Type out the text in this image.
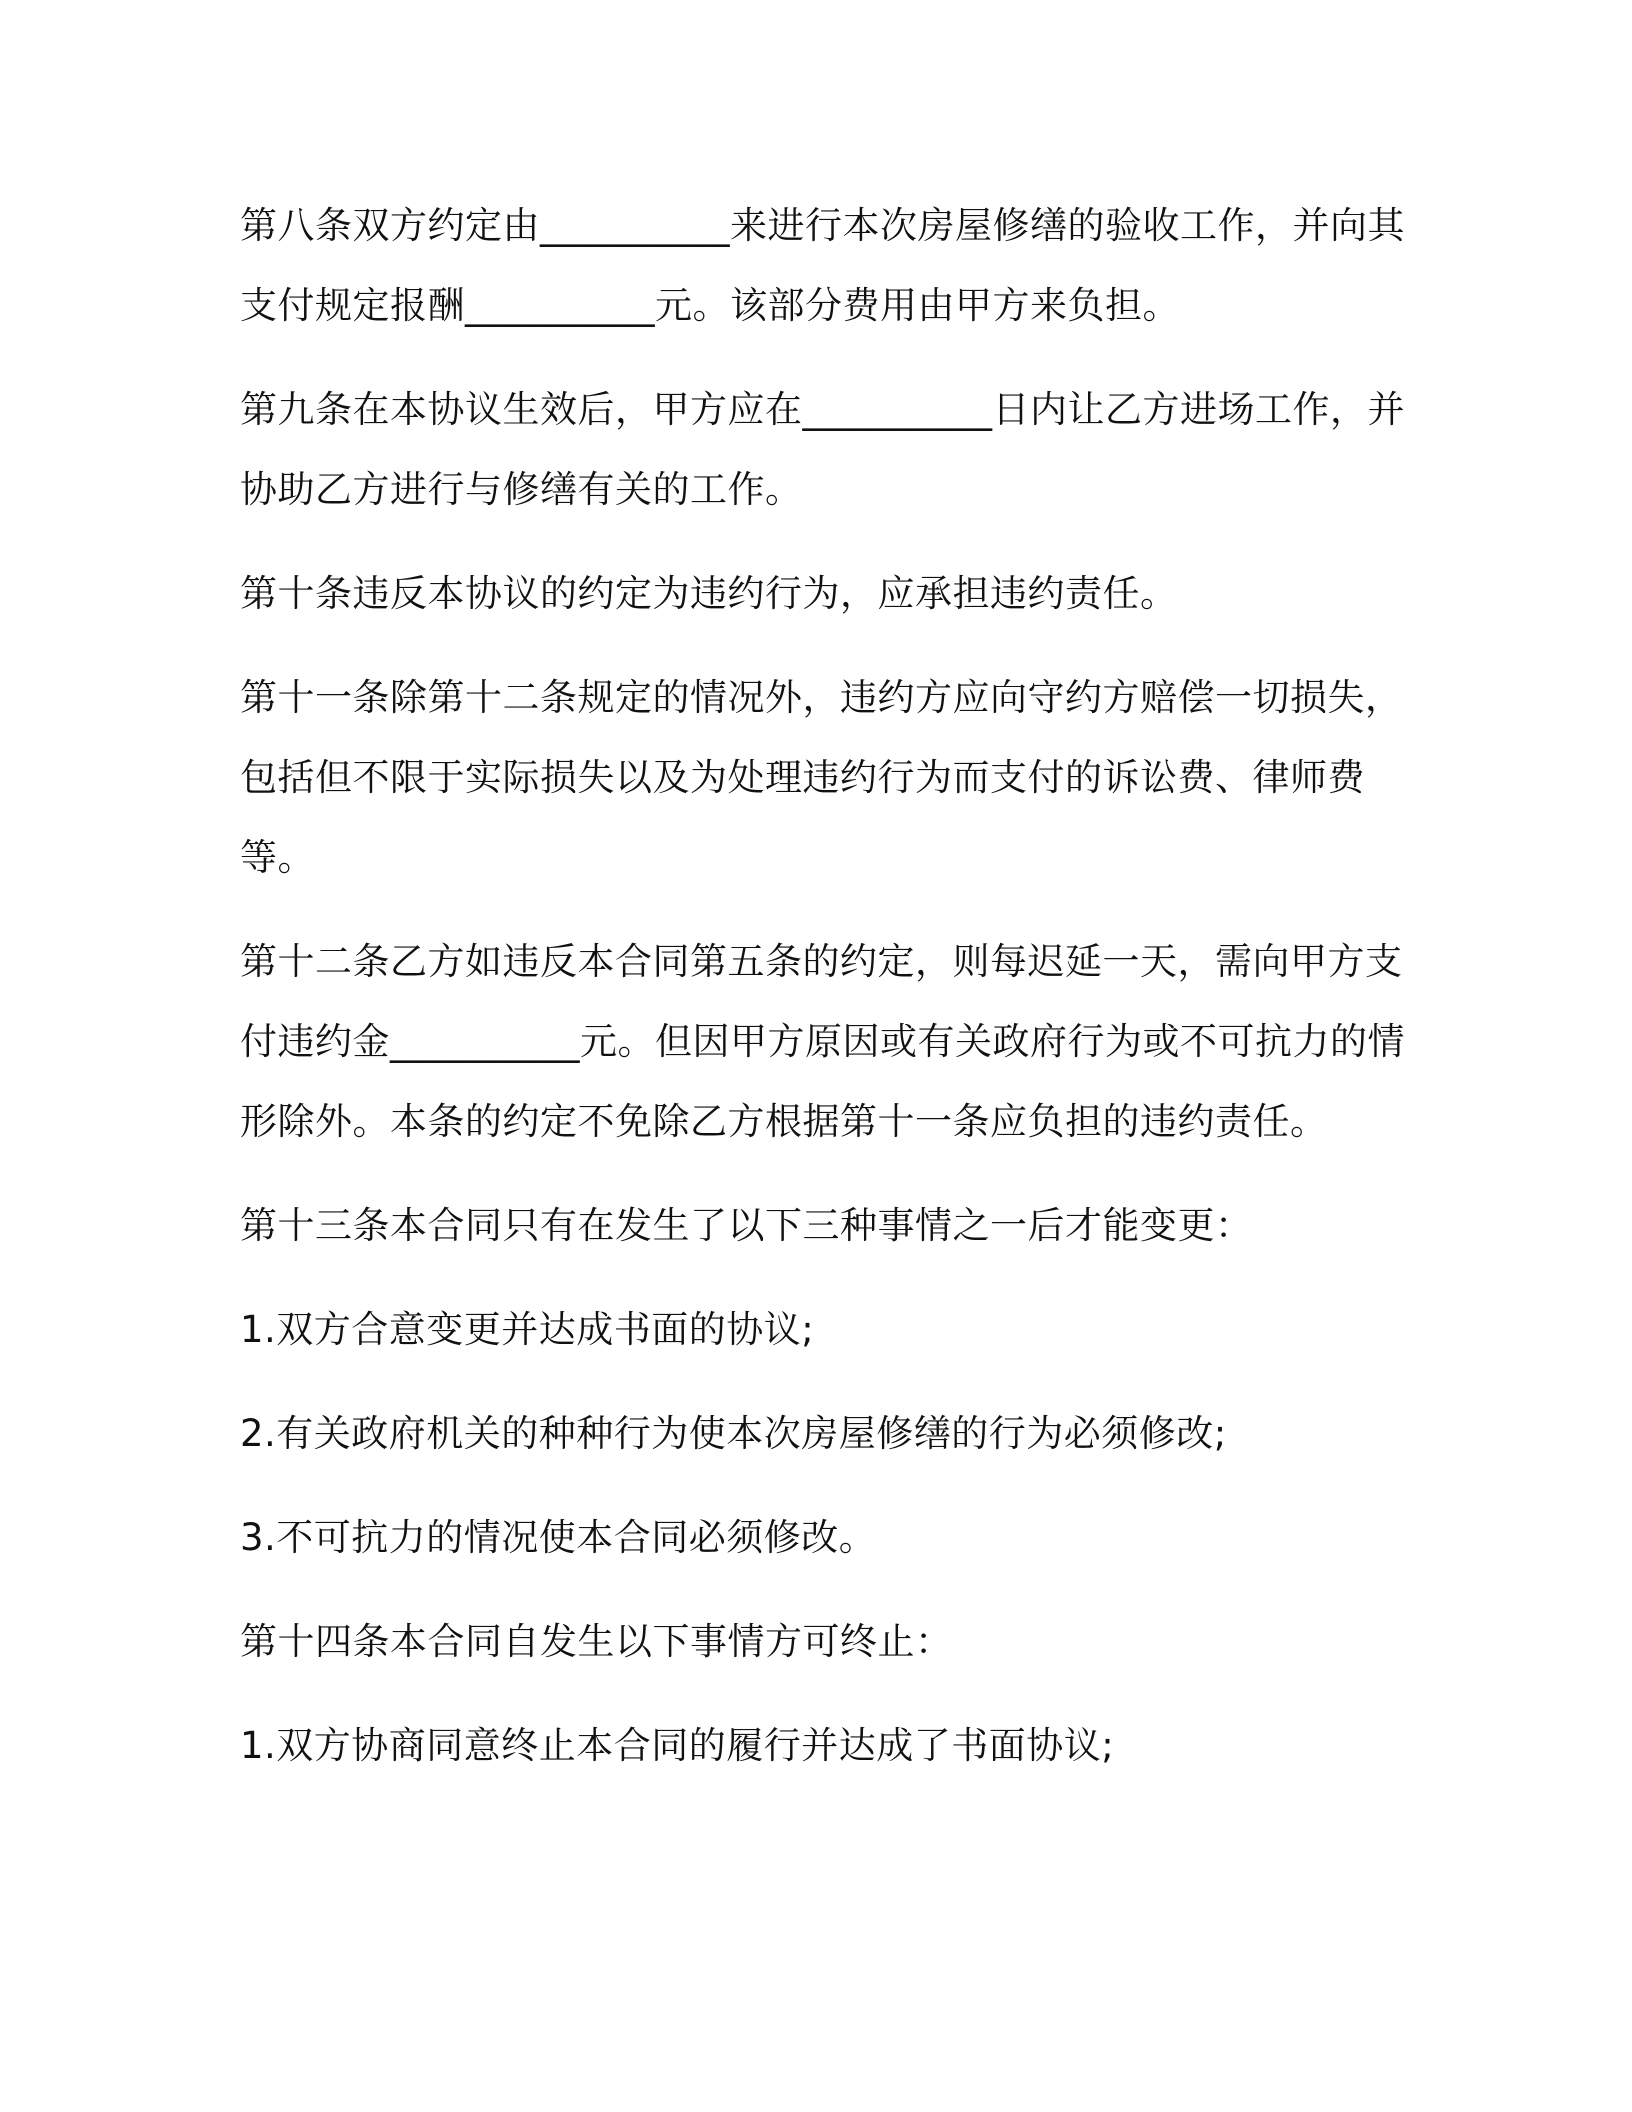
第八条双方约定由__________来进行本次房屋修缮的验收工作，并向其支付规定报酬__________元。该部分费用由甲方来负担。

第九条在本协议生效后，甲方应在__________日内让乙方进场工作，并协助乙方进行与修缮有关的工作。

第十条违反本协议的约定为违约行为，应承担违约责任。

第十一条除第十二条规定的情况外，违约方应向守约方赔偿一切损失，包括但不限于实际损失以及为处理违约行为而支付的诉讼费、律师费等。

第十二条乙方如违反本合同第五条的约定，则每迟延一天，需向甲方支付违约金__________元。但因甲方原因或有关政府行为或不可抗力的情形除外。本条的约定不免除乙方根据第十一条应负担的违约责任。

第十三条本合同只有在发生了以下三种事情之一后才能变更：

1.双方合意变更并达成书面的协议;

2.有关政府机关的种种行为使本次房屋修缮的行为必须修改;

3.不可抗力的情况使本合同必须修改。

第十四条本合同自发生以下事情方可终止：

1.双方协商同意终止本合同的履行并达成了书面协议;
